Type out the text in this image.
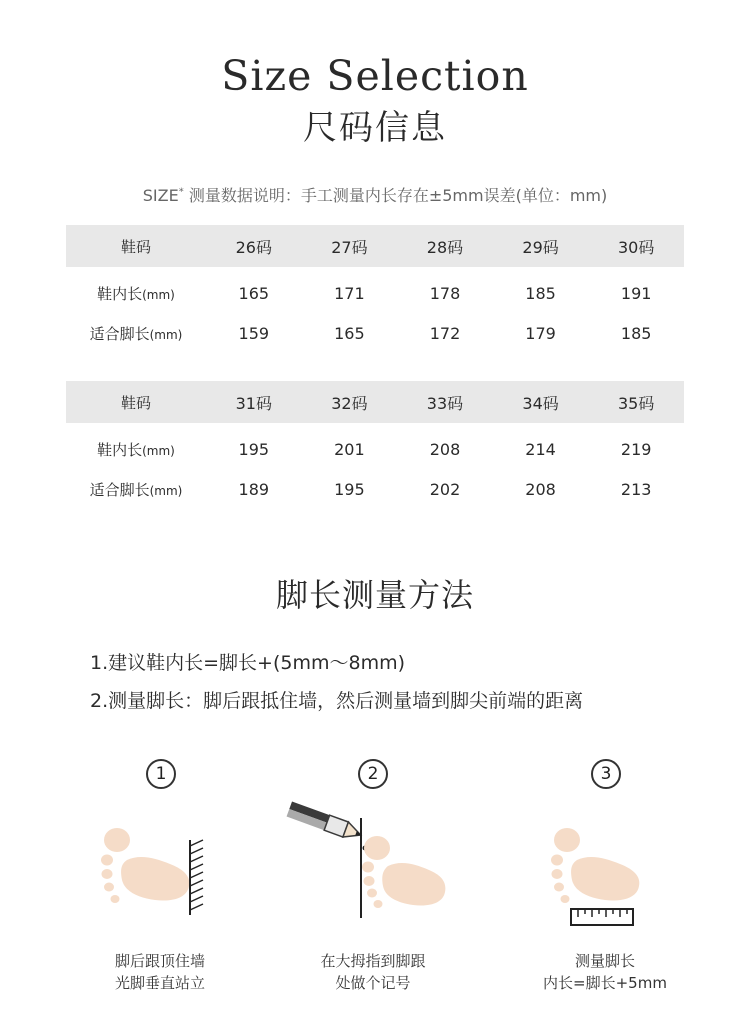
Size Selection
尺码信息
SIZE* 测量数据说明：手工测量内长存在±5mm误差(单位：mm)
鞋码	26码	27码	28码	29码	30码
鞋内长(mm)	165	171	178	185	191
适合脚长(mm)	159	165	172	179	185
鞋码	31码	32码	33码	34码	35码
鞋内长(mm)	195	201	208	214	219
适合脚长(mm)	189	195	202	208	213
脚长测量方法
1.建议鞋内长=脚长+(5mm～8mm)
2.测量脚长：脚后跟抵住墙，然后测量墙到脚尖前端的距离
1	2	3
脚后跟顶住墙
光脚垂直站立
在大拇指到脚跟
处做个记号
测量脚长
内长=脚长+5mm
